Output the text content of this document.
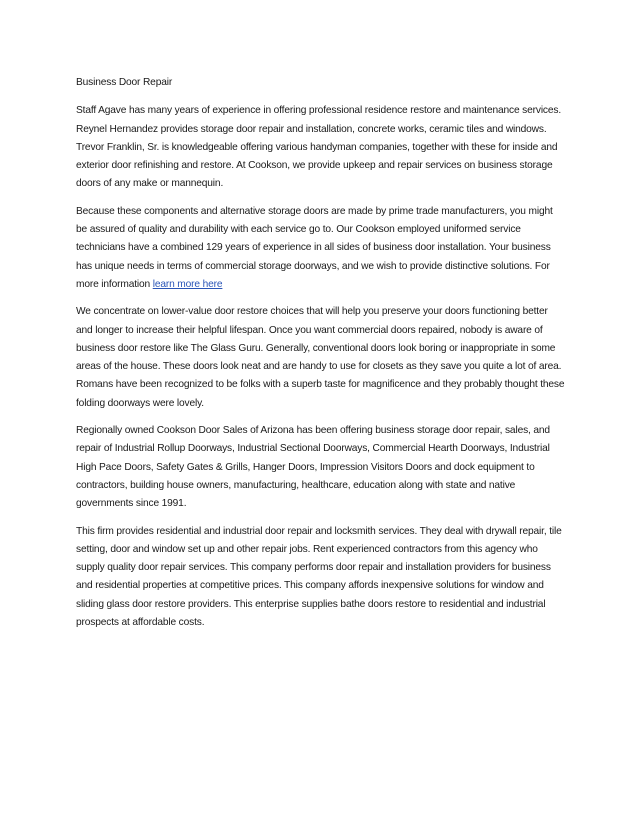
Business Door Repair

Staff Agave has many years of experience in offering professional residence restore and maintenance services. Reynel Hernandez provides storage door repair and installation, concrete works, ceramic tiles and windows. Trevor Franklin, Sr. is knowledgeable offering various handyman companies, together with these for inside and exterior door refinishing and restore. At Cookson, we provide upkeep and repair services on business storage doors of any make or mannequin.

Because these components and alternative storage doors are made by prime trade manufacturers, you might be assured of quality and durability with each service go to. Our Cookson employed uniformed service technicians have a combined 129 years of experience in all sides of business door installation. Your business has unique needs in terms of commercial storage doorways, and we wish to provide distinctive solutions. For more information learn more here

We concentrate on lower-value door restore choices that will help you preserve your doors functioning better and longer to increase their helpful lifespan. Once you want commercial doors repaired, nobody is aware of business door restore like The Glass Guru. Generally, conventional doors look boring or inappropriate in some areas of the house. These doors look neat and are handy to use for closets as they save you quite a lot of area. Romans have been recognized to be folks with a superb taste for magnificence and they probably thought these folding doorways were lovely.

Regionally owned Cookson Door Sales of Arizona has been offering business storage door repair, sales, and repair of Industrial Rollup Doorways, Industrial Sectional Doorways, Commercial Hearth Doorways, Industrial High Pace Doors, Safety Gates & Grills, Hanger Doors, Impression Visitors Doors and dock equipment to contractors, building house owners, manufacturing, healthcare, education along with state and native governments since 1991.

This firm provides residential and industrial door repair and locksmith services. They deal with drywall repair, tile setting, door and window set up and other repair jobs. Rent experienced contractors from this agency who supply quality door repair services. This company performs door repair and installation providers for business and residential properties at competitive prices. This company affords inexpensive solutions for window and sliding glass door restore providers. This enterprise supplies bathe doors restore to residential and industrial prospects at affordable costs.
